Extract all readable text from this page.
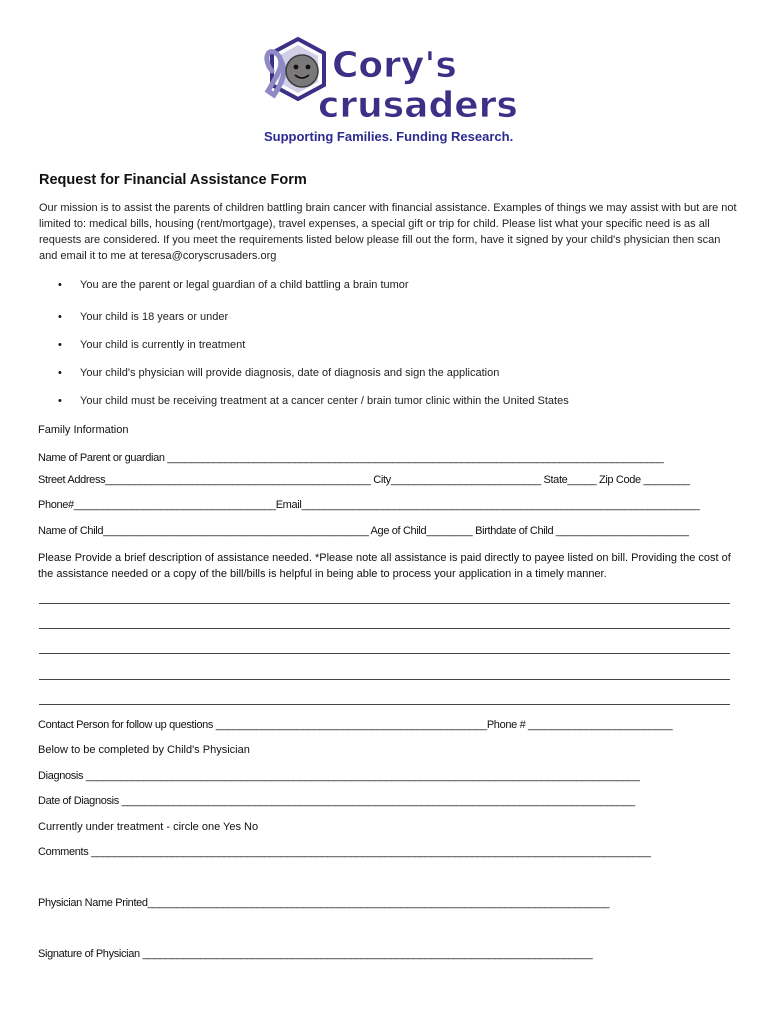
Cory's
crusaders
Supporting Families. Funding Research.
Request for Financial Assistance Form
Our mission is to assist the parents of children battling brain cancer with financial assistance. Examples of things we may assist with but are not limited to: medical bills, housing (rent/mortgage), travel expenses, a special gift or trip for child. Please list what your specific need is as all requests are considered. If you meet the requirements listed below please fill out the form, have it signed by your child's physician then scan and email it to me at teresa@coryscrusaders.org
• You are the parent or legal guardian of a child battling a brain tumor
• Your child is 18 years or under
• Your child is currently in treatment
• Your child's physician will provide diagnosis, date of diagnosis and sign the application
• Your child must be receiving treatment at a cancer center / brain tumor clinic within the United States
Family Information
Name of Parent or guardian ______________________________________________________________________________________
Street Address______________________________________________ City__________________________ State_____ Zip Code ________
Phone#___________________________________Email_____________________________________________________________________
Name of Child______________________________________________ Age of Child________ Birthdate of Child _______________________
Please Provide a brief description of assistance needed. *Please note all assistance is paid directly to payee listed on bill. Providing the cost of the assistance needed or a copy of the bill/bills is helpful in being able to process your application in a timely manner.
Contact Person for follow up questions _______________________________________________Phone # _________________________
Below to be completed by Child's Physician
Diagnosis ________________________________________________________________________________________________
Date of Diagnosis _________________________________________________________________________________________
Currently under treatment - circle one Yes No
Comments _________________________________________________________________________________________________
Physician Name Printed________________________________________________________________________________
Signature of Physician ______________________________________________________________________________
